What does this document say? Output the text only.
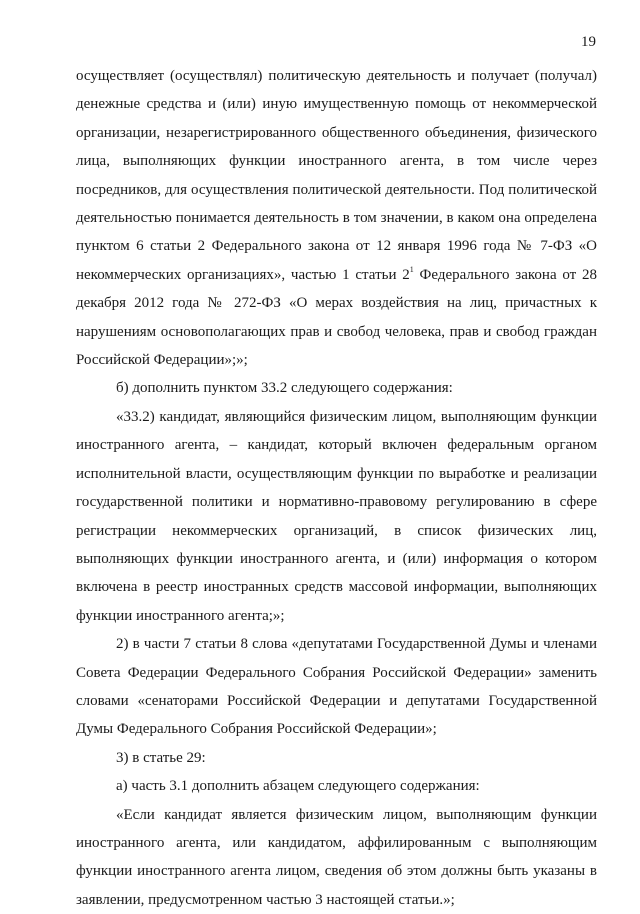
19

осуществляет (осуществлял) политическую деятельность и получает (получал) денежные средства и (или) иную имущественную помощь от некоммерческой организации, незарегистрированного общественного объединения, физического лица, выполняющих функции иностранного агента, в том числе через посредников, для осуществления политической деятельности. Под политической деятельностью понимается деятельность в том значении, в каком она определена пунктом 6 статьи 2 Федерального закона от 12 января 1996 года № 7-ФЗ «О некоммерческих организациях», частью 1 статьи $2^1$ Федерального закона от 28 декабря 2012 года № 272-ФЗ «О мерах воздействия на лиц, причастных к нарушениям основополагающих прав и свобод человека, прав и свобод граждан Российской Федерации»;»;

б) дополнить пунктом 33.2 следующего содержания:

«33.2) кандидат, являющийся физическим лицом, выполняющим функции иностранного агента, – кандидат, который включен федеральным органом исполнительной власти, осуществляющим функции по выработке и реализации государственной политики и нормативно-правовому регулированию в сфере регистрации некоммерческих организаций, в список физических лиц, выполняющих функции иностранного агента, и (или) информация о котором включена в реестр иностранных средств массовой информации, выполняющих функции иностранного агента;»;

2) в части 7 статьи 8 слова «депутатами Государственной Думы и членами Совета Федерации Федерального Собрания Российской Федерации» заменить словами «сенаторами Российской Федерации и депутатами Государственной Думы Федерального Собрания Российской Федерации»;

3) в статье 29:

а) часть 3.1 дополнить абзацем следующего содержания:

«Если кандидат является физическим лицом, выполняющим функции иностранного агента, или кандидатом, аффилированным с выполняющим функции иностранного агента лицом, сведения об этом должны быть указаны в заявлении, предусмотренном частью 3 настоящей статьи.»;
